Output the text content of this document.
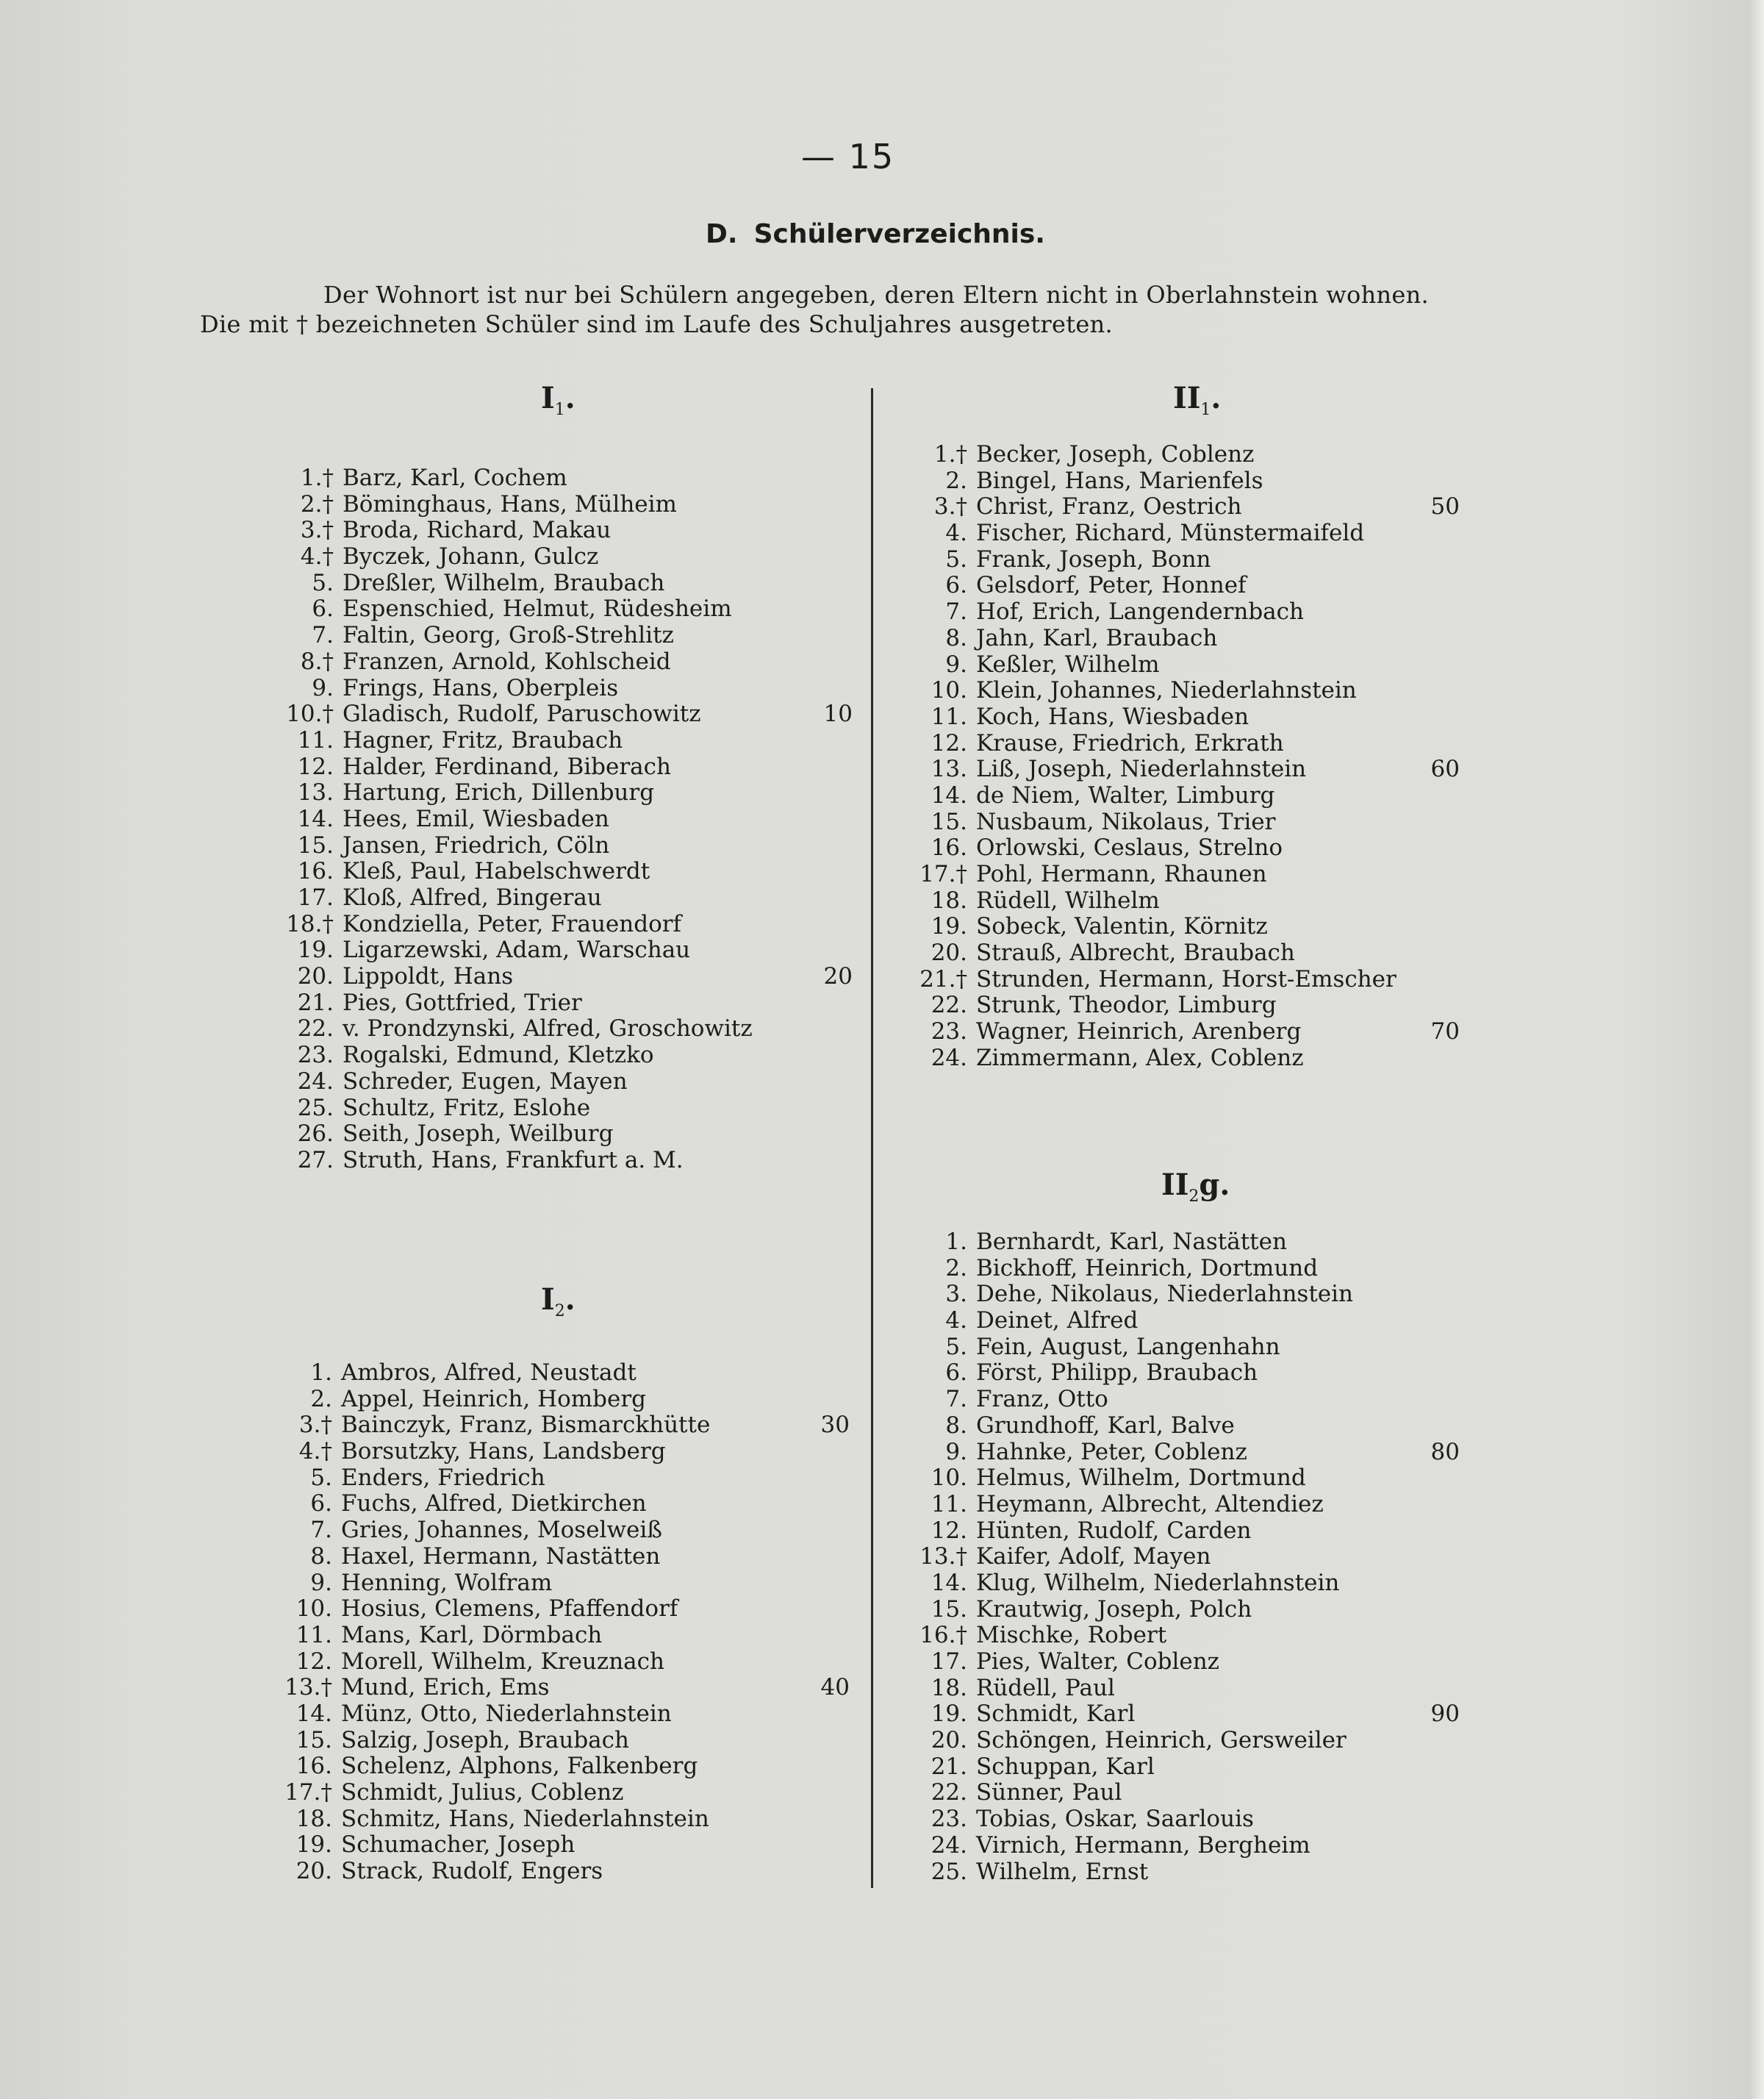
— 15
D. Schülerverzeichnis.
Der Wohnort ist nur bei Schülern angegeben, deren Eltern nicht in Oberlahnstein wohnen.
Die mit † bezeichneten Schüler sind im Laufe des Schuljahres ausgetreten.
$I_1$.
$I_2$.
$II_1$.
$II_2g$.
1.† Barz, Karl, Cochem
2.† Böminghaus, Hans, Mülheim
3.† Broda, Richard, Makau
4.† Byczek, Johann, Gulcz
5. Dreßler, Wilhelm, Braubach
6. Espenschied, Helmut, Rüdesheim
7. Faltin, Georg, Groß-Strehlitz
8.† Franzen, Arnold, Kohlscheid
9. Frings, Hans, Oberpleis
10.† Gladisch, Rudolf, Paruschowitz	10
11. Hagner, Fritz, Braubach
12. Halder, Ferdinand, Biberach
13. Hartung, Erich, Dillenburg
14. Hees, Emil, Wiesbaden
15. Jansen, Friedrich, Cöln
16. Kleß, Paul, Habelschwerdt
17. Kloß, Alfred, Bingerau
18.† Kondziella, Peter, Frauendorf
19. Ligarzewski, Adam, Warschau
20. Lippoldt, Hans	20
21. Pies, Gottfried, Trier
22. v. Prondzynski, Alfred, Groschowitz
23. Rogalski, Edmund, Kletzko
24. Schreder, Eugen, Mayen
25. Schultz, Fritz, Eslohe
26. Seith, Joseph, Weilburg
27. Struth, Hans, Frankfurt a. M.
1. Ambros, Alfred, Neustadt
2. Appel, Heinrich, Homberg
3.† Bainczyk, Franz, Bismarckhütte	30
4.† Borsutzky, Hans, Landsberg
5. Enders, Friedrich
6. Fuchs, Alfred, Dietkirchen
7. Gries, Johannes, Moselweiß
8. Haxel, Hermann, Nastätten
9. Henning, Wolfram
10. Hosius, Clemens, Pfaffendorf
11. Mans, Karl, Dörmbach
12. Morell, Wilhelm, Kreuznach
13.† Mund, Erich, Ems	40
14. Münz, Otto, Niederlahnstein
15. Salzig, Joseph, Braubach
16. Schelenz, Alphons, Falkenberg
17.† Schmidt, Julius, Coblenz
18. Schmitz, Hans, Niederlahnstein
19. Schumacher, Joseph
20. Strack, Rudolf, Engers
1.† Becker, Joseph, Coblenz
2. Bingel, Hans, Marienfels
3.† Christ, Franz, Oestrich	50
4. Fischer, Richard, Münstermaifeld
5. Frank, Joseph, Bonn
6. Gelsdorf, Peter, Honnef
7. Hof, Erich, Langendernbach
8. Jahn, Karl, Braubach
9. Keßler, Wilhelm
10. Klein, Johannes, Niederlahnstein
11. Koch, Hans, Wiesbaden
12. Krause, Friedrich, Erkrath
13. Liß, Joseph, Niederlahnstein	60
14. de Niem, Walter, Limburg
15. Nusbaum, Nikolaus, Trier
16. Orlowski, Ceslaus, Strelno
17.† Pohl, Hermann, Rhaunen
18. Rüdell, Wilhelm
19. Sobeck, Valentin, Körnitz
20. Strauß, Albrecht, Braubach
21.† Strunden, Hermann, Horst-Emscher
22. Strunk, Theodor, Limburg
23. Wagner, Heinrich, Arenberg	70
24. Zimmermann, Alex, Coblenz
1. Bernhardt, Karl, Nastätten
2. Bickhoff, Heinrich, Dortmund
3. Dehe, Nikolaus, Niederlahnstein
4. Deinet, Alfred
5. Fein, August, Langenhahn
6. Först, Philipp, Braubach
7. Franz, Otto
8. Grundhoff, Karl, Balve
9. Hahnke, Peter, Coblenz	80
10. Helmus, Wilhelm, Dortmund
11. Heymann, Albrecht, Altendiez
12. Hünten, Rudolf, Carden
13.† Kaifer, Adolf, Mayen
14. Klug, Wilhelm, Niederlahnstein
15. Krautwig, Joseph, Polch
16.† Mischke, Robert
17. Pies, Walter, Coblenz
18. Rüdell, Paul
19. Schmidt, Karl	90
20. Schöngen, Heinrich, Gersweiler
21. Schuppan, Karl
22. Sünner, Paul
23. Tobias, Oskar, Saarlouis
24. Virnich, Hermann, Bergheim
25. Wilhelm, Ernst
